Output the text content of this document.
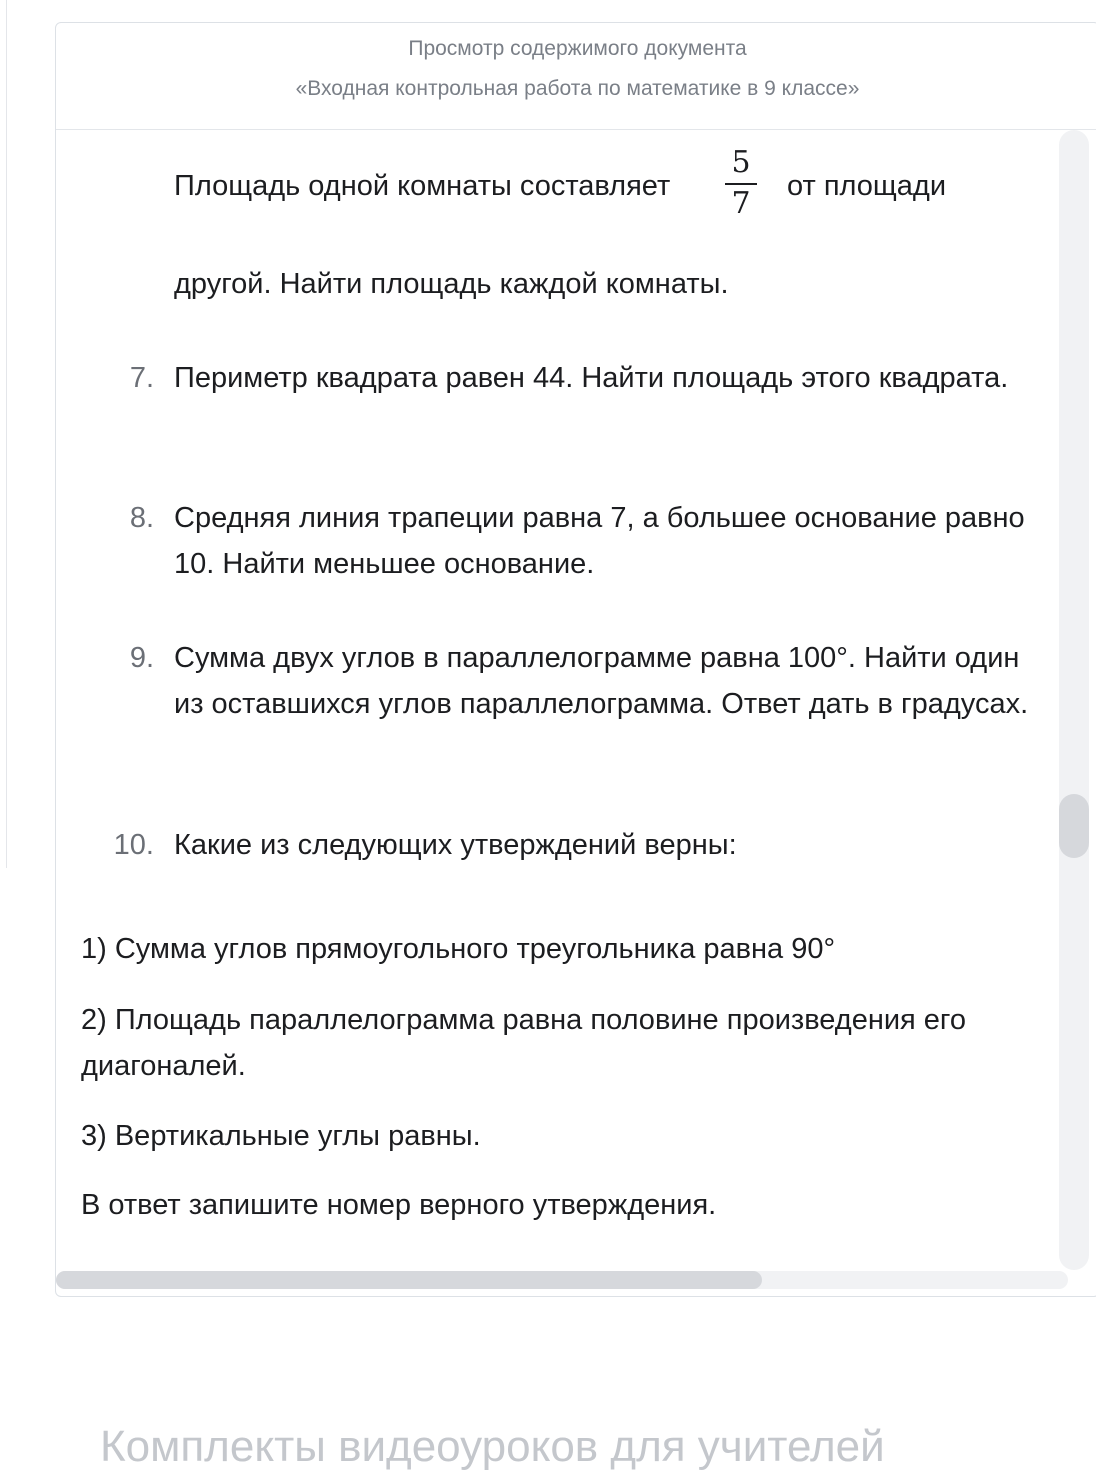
Просмотр содержимого документа
«Входная контрольная работа по математике в 9 классе»
Площадь одной комнаты составляет
5
7 от площади
другой. Найти площадь каждой комнаты.
7. Периметр квадрата равен 44. Найти площадь этого квадрата.
8. Средняя линия трапеции равна 7, а большее основание равно 10. Найти меньшее основание.
9. Сумма двух углов в параллелограмме равна 100°. Найти один из оставшихся углов параллелограмма. Ответ дать в градусах.
10. Какие из следующих утверждений верны:
1) Сумма углов прямоугольного треугольника равна 90°
2) Площадь параллелограмма равна половине произведения его диагоналей.
3) Вертикальные углы равны.
В ответ запишите номер верного утверждения.
Комплекты видеоуроков для учителей
